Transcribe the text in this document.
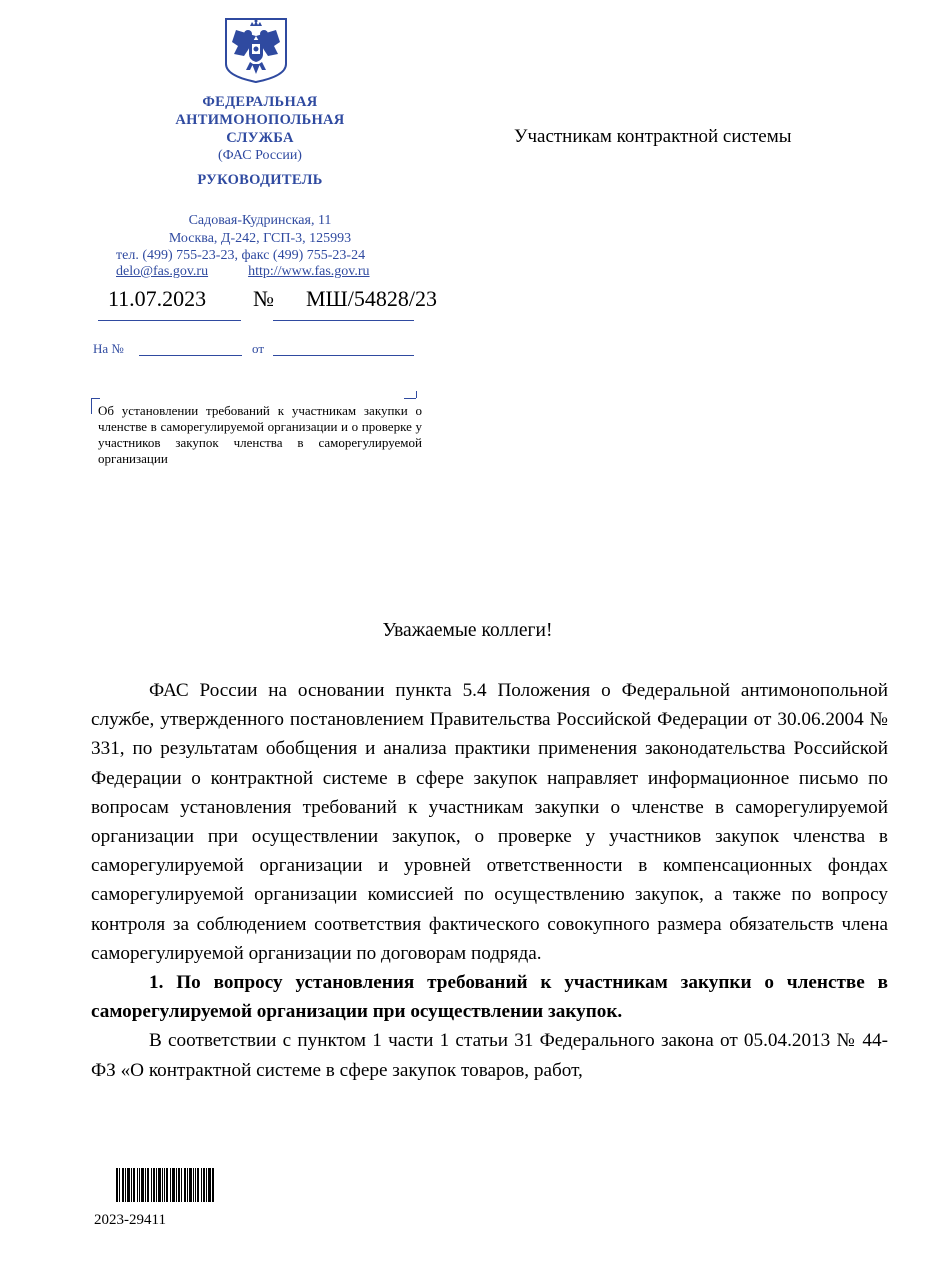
ФЕДЕРАЛЬНАЯ
АНТИМОНОПОЛЬНАЯ
СЛУЖБА
(ФАС России)
РУКОВОДИТЕЛЬ
Садовая-Кудринская, 11
Москва, Д-242, ГСП-3, 125993
тел. (499) 755-23-23, факс (499) 755-23-24
delo@fas.gov.ru	http://www.fas.gov.ru
11.07.2023 № МШ/54828/23
На №	от
Об установлении требований к участникам закупки о членстве в саморегулируемой организации и о проверке у участников закупок членства в саморегулируемой организации
Участникам контрактной системы
Уважаемые коллеги!

ФАС России на основании пункта 5.4 Положения о Федеральной антимонопольной службе, утвержденного постановлением Правительства Российской Федерации от 30.06.2004 № 331, по результатам обобщения и анализа практики применения законодательства Российской Федерации о контрактной системе в сфере закупок направляет информационное письмо по вопросам установления требований к участникам закупки о членстве в саморегулируемой организации при осуществлении закупок, о проверке у участников закупок членства в саморегулируемой организации и уровней ответственности в компенсационных фондах саморегулируемой организации комиссией по осуществлению закупок, а также по вопросу контроля за соблюдением соответствия фактического совокупного размера обязательств члена саморегулируемой организации по договорам подряда.

1. По вопросу установления требований к участникам закупки о членстве в саморегулируемой организации при осуществлении закупок.

В соответствии с пунктом 1 части 1 статьи 31 Федерального закона от 05.04.2013 № 44-ФЗ «О контрактной системе в сфере закупок товаров, работ,

2023-29411
